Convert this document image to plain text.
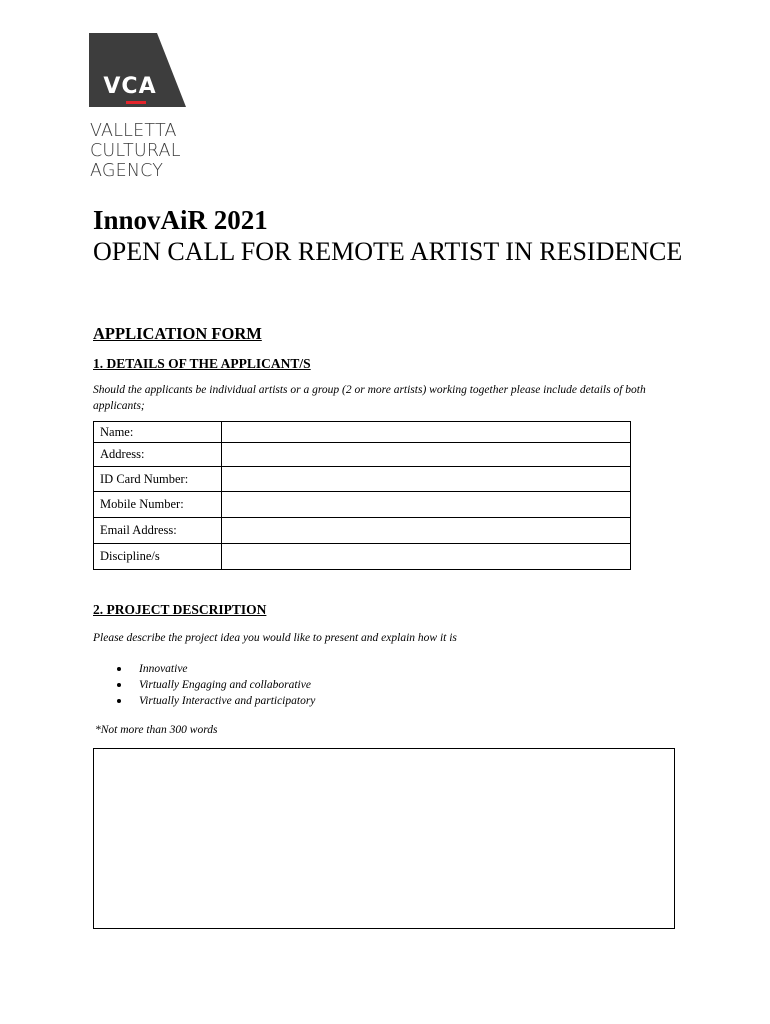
VCA
VALLETTA
CULTURAL
AGENCY
InnovAiR 2021
OPEN CALL FOR REMOTE ARTIST IN RESIDENCE
APPLICATION FORM
1. DETAILS OF THE APPLICANT/S

Should the applicants be individual artists or a group (2 or more artists) working together please include details of both applicants;

Name:	
Address:	
ID Card Number:	
Mobile Number:	
Email Address:	
Discipline/s	
2. PROJECT DESCRIPTION

Please describe the project idea you would like to present and explain how it is

Innovative
Virtually Engaging and collaborative
Virtually Interactive and participatory

*Not more than 300 words
